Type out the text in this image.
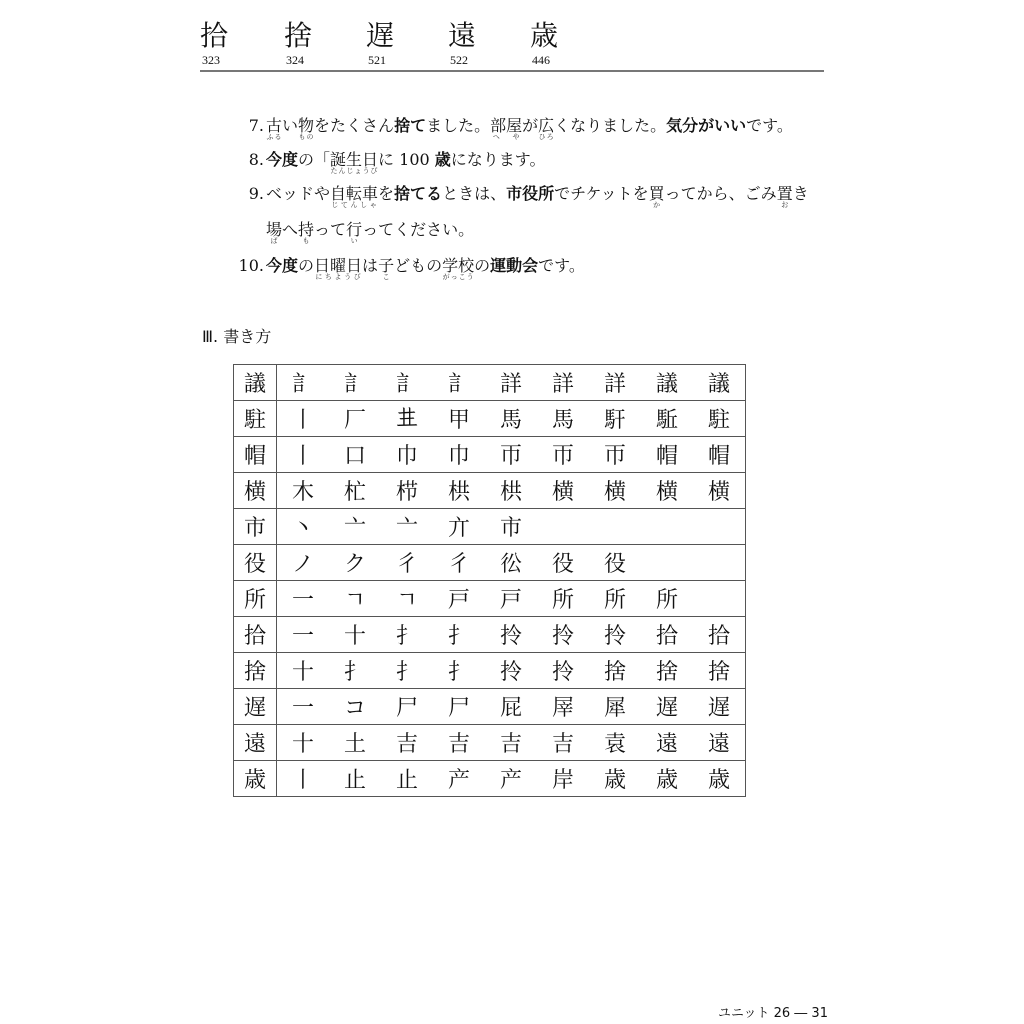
拾
323
捨
324
遅
521
遠
522
歳
446
7. 古ふるい物ものをたくさん捨てました。部屋へ やが広ひろくなりました。気分がいいです。
8. 今度の「誕生日たんじょうびに 100 歳になります。
9. ベッドや自転車じてんしゃを捨てるときは、市役所でチケットを買かってから、ごみ置おき
場ばへ持もって行いってください。
10. 今度の日曜日にちようびは子こどもの学校がっこうの運動会です。
Ⅲ. 書き方
議	訁	訁	訁	訁	詳	詳	詳	議	議
駐	丨	厂	𠀎	甲	馬	馬	馯	駈	駐
帽	丨	口	巾	巾	帀	帀	帀	帽	帽
横	木	杧	栉	栱	栱	横	横	横	横
市	丶	亠	亠	亣	市				
役	ノ	ク	彳	彳	彸	役	役		
所	一	ㄱ	ㄱ	戸	戸	所	所	所	
拾	一	十	扌	扌	拎	拎	拎	拾	拾
捨	十	扌	扌	扌	拎	拎	捨	捨	捨
遅	一	コ	尸	尸	屁	屖	犀	遅	遅
遠	十	土	吉	吉	吉	吉	袁	遠	遠
歳	丨	止	止	产	产	岸	歳	歳	歳
ユニット 26 ― 31
